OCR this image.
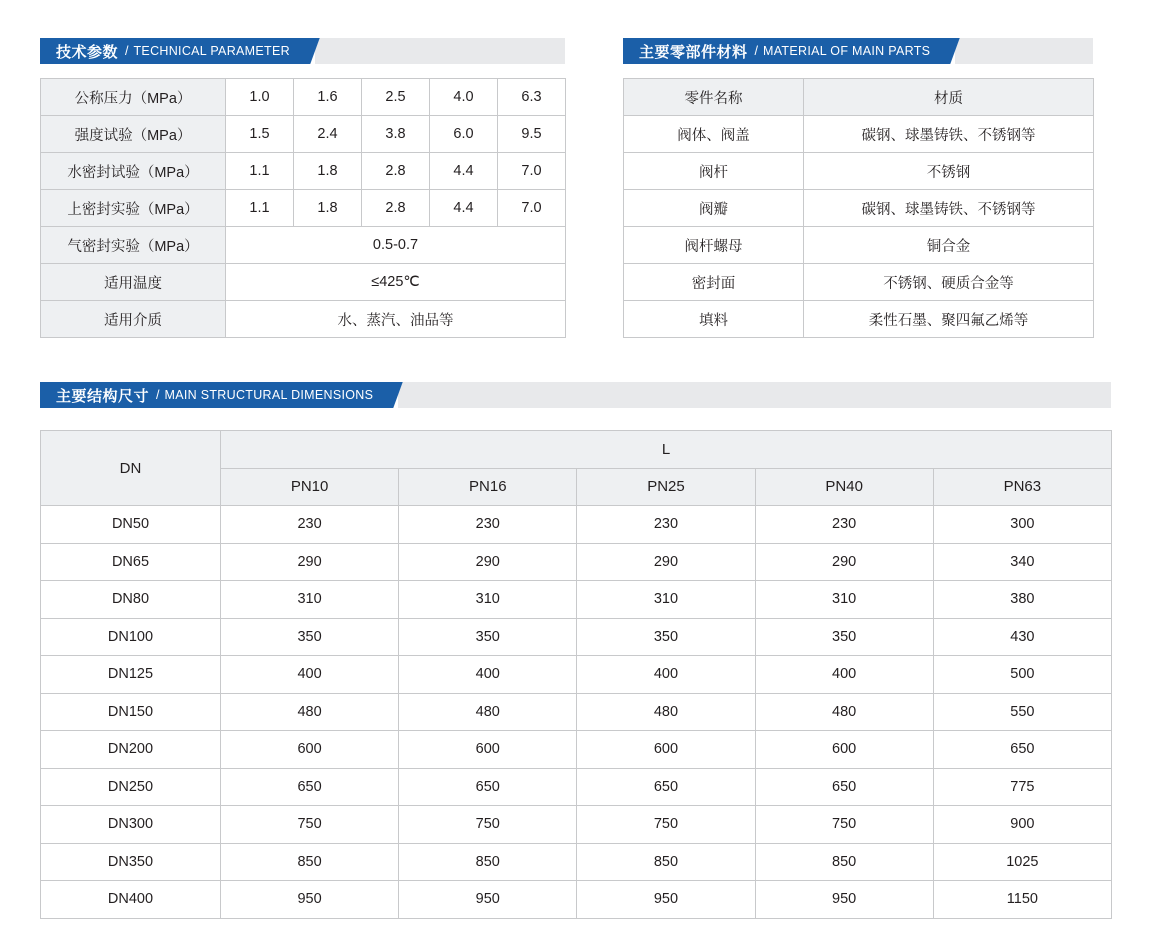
技术参数 / TECHNICAL PARAMETER
公称压力（MPa）	1.0	1.6	2.5	4.0	6.3
强度试验（MPa）	1.5	2.4	3.8	6.0	9.5
水密封试验（MPa）	1.1	1.8	2.8	4.4	7.0
上密封实验（MPa）	1.1	1.8	2.8	4.4	7.0
气密封实验（MPa）	0.5-0.7				
适用温度	≤425℃				
适用介质	水、蒸汽、油品等				
主要零部件材料 / MATERIAL OF MAIN PARTS
零件名称	材质
阀体、阀盖	碳钢、球墨铸铁、不锈钢等
阀杆	不锈钢
阀瓣	碳钢、球墨铸铁、不锈钢等
阀杆螺母	铜合金
密封面	不锈钢、硬质合金等
填料	柔性石墨、聚四氟乙烯等
主要结构尺寸 / MAIN STRUCTURAL DIMENSIONS
DN	L				
	PN10	PN16	PN25	PN40	PN63
DN50	230	230	230	230	300
DN65	290	290	290	290	340
DN80	310	310	310	310	380
DN100	350	350	350	350	430
DN125	400	400	400	400	500
DN150	480	480	480	480	550
DN200	600	600	600	600	650
DN250	650	650	650	650	775
DN300	750	750	750	750	900
DN350	850	850	850	850	1025
DN400	950	950	950	950	1150
